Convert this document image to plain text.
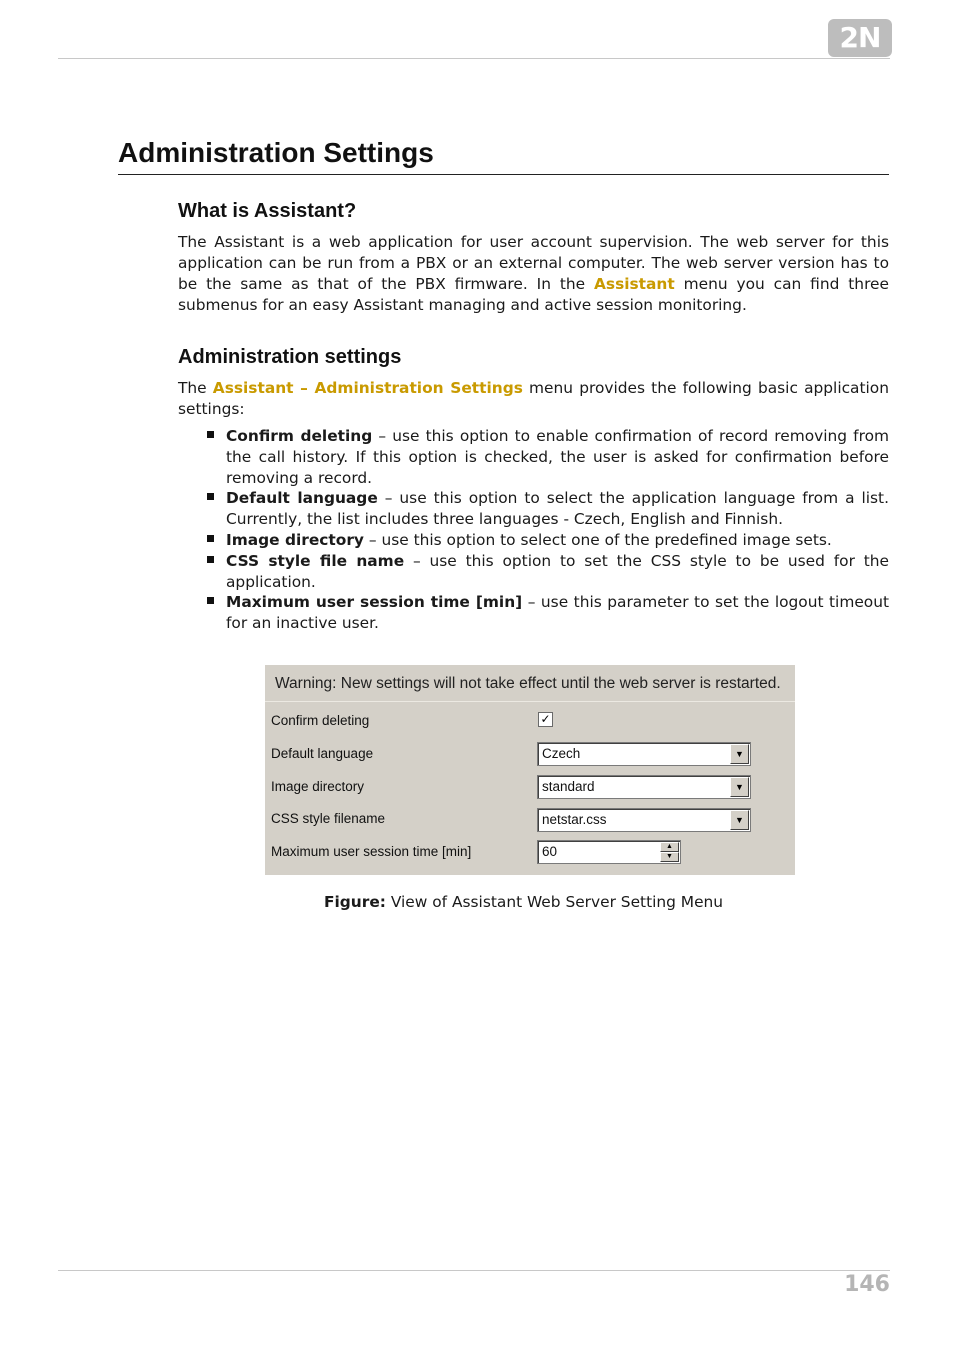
2N
Administration Settings
What is Assistant?

The Assistant is a web application for user account supervision. The web server for this application can be run from a PBX or an external computer. The web server version has to be the same as that of the PBX firmware. In the Assistant menu you can find three submenus for an easy Assistant managing and active session monitoring.

Administration settings

The Assistant – Administration Settings menu provides the following basic application settings:

Confirm deleting – use this option to enable confirmation of record removing from the call history. If this option is checked, the user is asked for confirmation before removing a record.
Default language – use this option to select the application language from a list. Currently, the list includes three languages - Czech, English and Finnish.
Image directory – use this option to select one of the predefined image sets.
CSS style file name – use this option to set the CSS style to be used for the application.
Maximum user session time [min] – use this parameter to set the logout timeout for an inactive user.
Warning: New settings will not take effect until the web server is restarted.
Confirm deleting	✓
Default language	Czech	▼
Image directory	standard	▼
CSS style filename	netstar.css	▼
Maximum user session time [min]	60	▲
▼
Figure: View of Assistant Web Server Setting Menu
146
